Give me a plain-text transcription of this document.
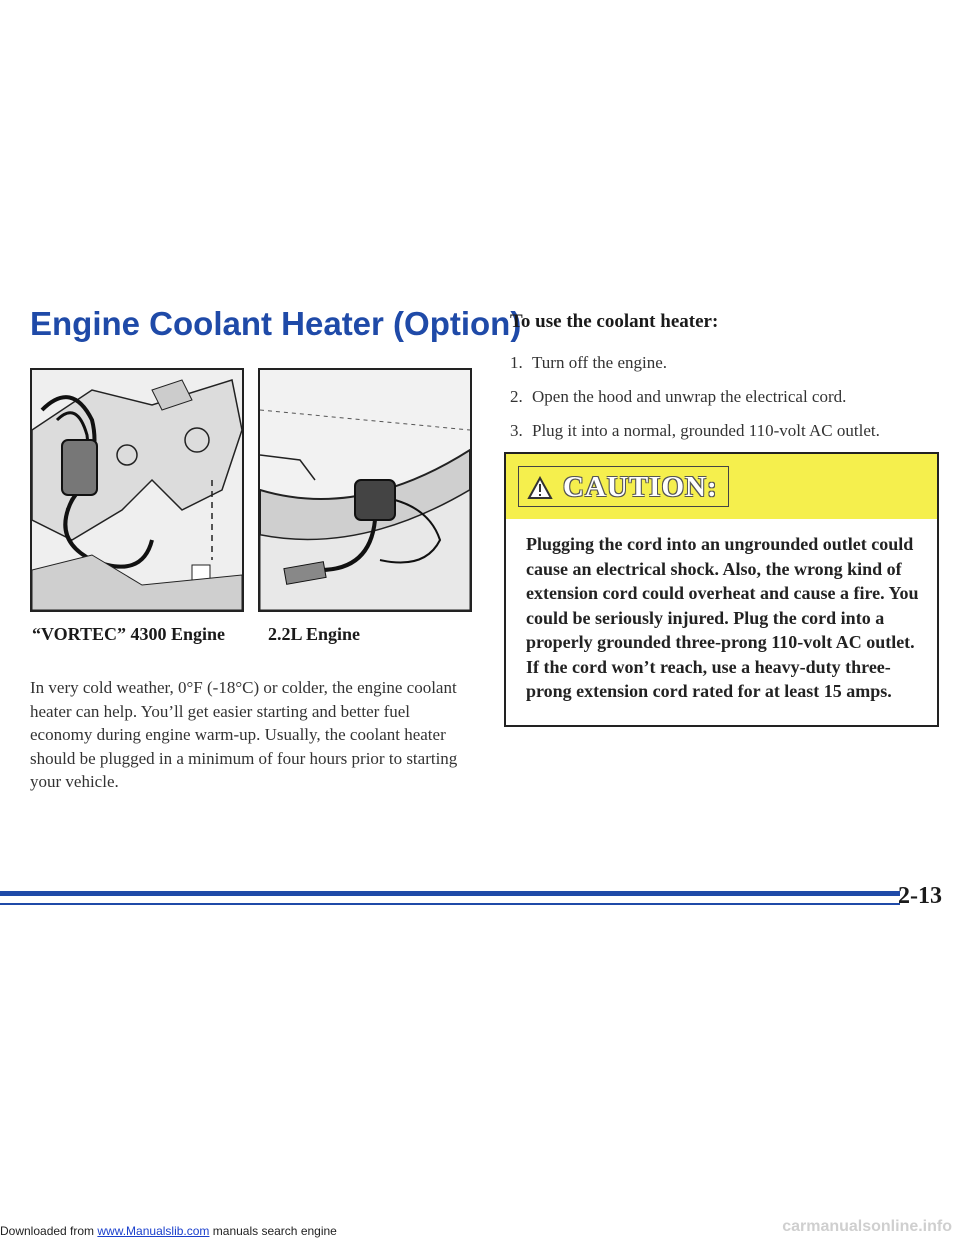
Engine Coolant Heater (Option)
“VORTEC” 4300 Engine 2.2L Engine
In very cold weather, 0°F (-18°C) or colder, the engine coolant heater can help. You’ll get easier starting and better fuel economy during engine warm-up. Usually, the coolant heater should be plugged in a minimum of four hours prior to starting your vehicle.
To use the coolant heater:
1. Turn off the engine.
2. Open the hood and unwrap the electrical cord.
3. Plug it into a normal, grounded 110-volt AC outlet.
CAUTION:
Plugging the cord into an ungrounded outlet could cause an electrical shock. Also, the wrong kind of extension cord could overheat and cause a fire. You could be seriously injured. Plug the cord into a properly grounded three-prong 110-volt AC outlet. If the cord won’t reach, use a heavy-duty three-prong extension cord rated for at least 15 amps.
2-13
Downloaded from www.Manualslib.com manuals search engine	carmanualsonline.info
